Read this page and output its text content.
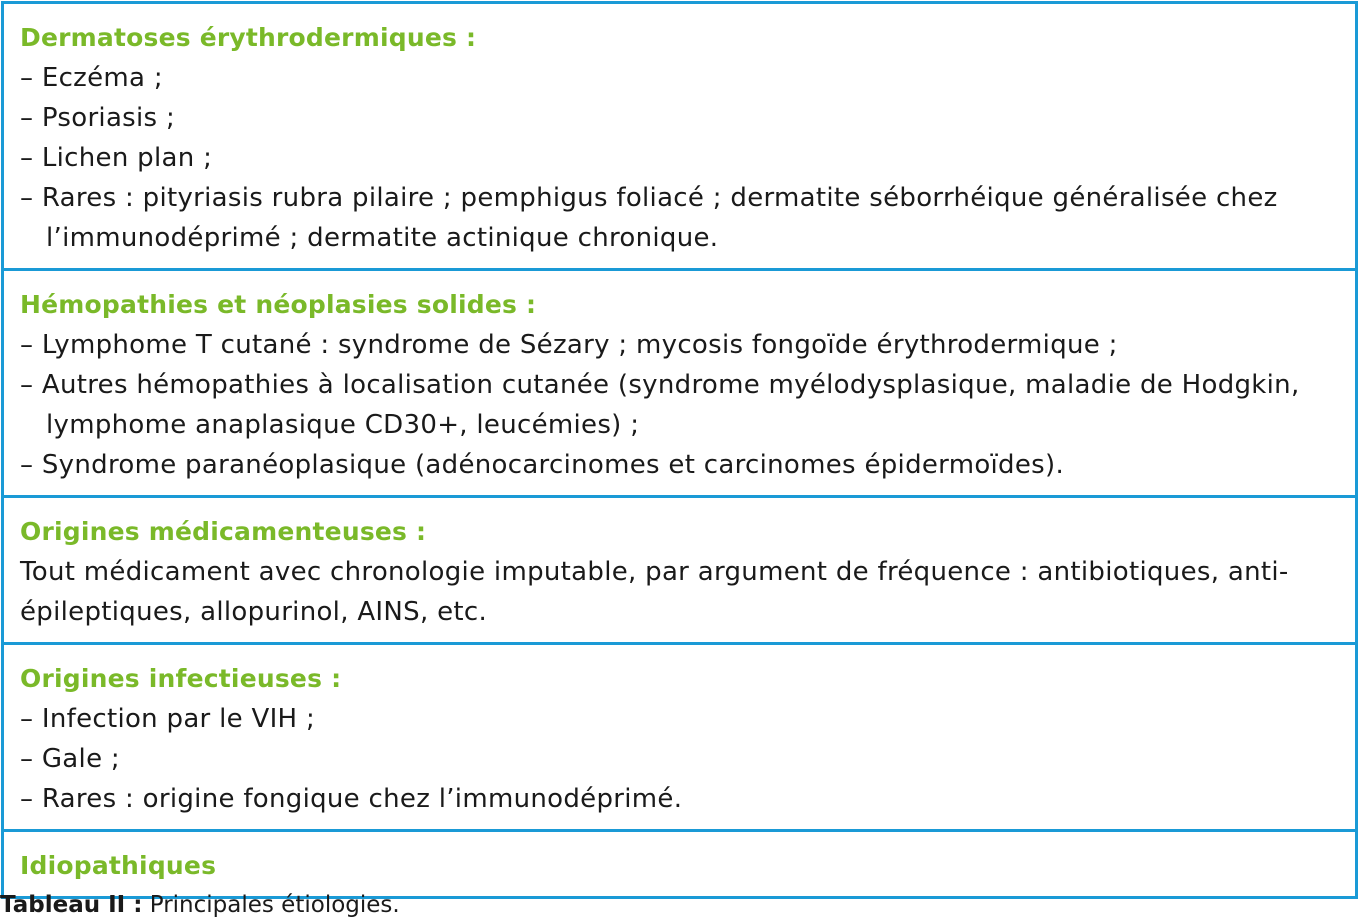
Dermatoses érythrodermiques :
– Eczéma ;
– Psoriasis ;
– Lichen plan ;
– Rares : pityriasis rubra pilaire ; pemphigus foliacé ; dermatite séborrhéique généralisée chez l’immunodéprimé ; dermatite actinique chronique.
Hémopathies et néoplasies solides :
– Lymphome T cutané : syndrome de Sézary ; mycosis fongoïde érythrodermique ;
– Autres hémopathies à localisation cutanée (syndrome myélodysplasique, maladie de Hodgkin, lymphome anaplasique CD30+, leucémies) ;
– Syndrome paranéoplasique (adénocarcinomes et carcinomes épidermoïdes).
Origines médicamenteuses :
Tout médicament avec chronologie imputable, par argument de fréquence : antibiotiques, anti-épileptiques, allopurinol, AINS, etc.
Origines infectieuses :
– Infection par le VIH ;
– Gale ;
– Rares : origine fongique chez l’immunodéprimé.
Idiopathiques
Tableau II : Principales étiologies.
